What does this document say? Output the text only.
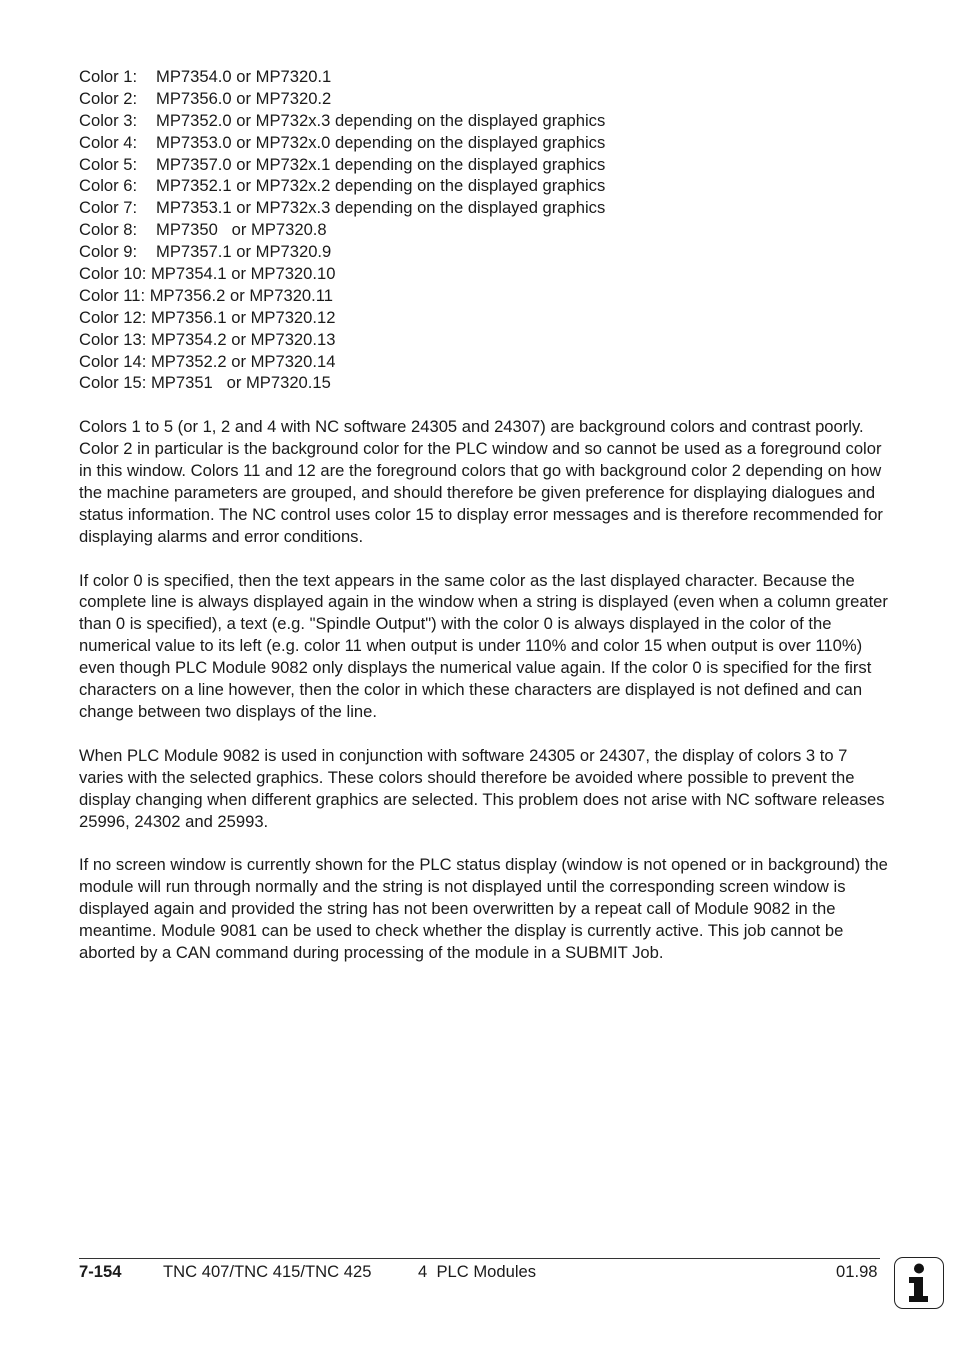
Color 1: MP7354.0 or MP7320.1
Color 2: MP7356.0 or MP7320.2
Color 3: MP7352.0 or MP732x.3 depending on the displayed graphics
Color 4: MP7353.0 or MP732x.0 depending on the displayed graphics
Color 5: MP7357.0 or MP732x.1 depending on the displayed graphics
Color 6: MP7352.1 or MP732x.2 depending on the displayed graphics
Color 7: MP7353.1 or MP732x.3 depending on the displayed graphics
Color 8: MP7350   or MP7320.8
Color 9: MP7357.1 or MP7320.9
Color 10: MP7354.1 or MP7320.10
Color 11: MP7356.2 or MP7320.11
Color 12: MP7356.1 or MP7320.12
Color 13: MP7354.2 or MP7320.13
Color 14: MP7352.2 or MP7320.14
Color 15: MP7351   or MP7320.15

Colors 1 to 5 (or 1, 2 and 4 with NC software 24305 and 24307) are background colors and contrast poorly. Color 2 in particular is the background color for the PLC window and so cannot be used as a foreground color in this window. Colors 11 and 12 are the foreground colors that go with background color 2 depending on how the machine parameters are grouped, and should therefore be given preference for displaying dialogues and status information. The NC control uses color 15 to display error messages and is therefore recommended for displaying alarms and error conditions.

If color 0 is specified, then the text appears in the same color as the last displayed character. Because the complete line is always displayed again in the window when a string is displayed (even when a column greater than 0 is specified), a text (e.g. "Spindle Output") with the color 0 is always displayed in the color of the numerical value to its left (e.g. color 11 when output is under 110% and color 15 when output is over 110%) even though PLC Module 9082 only displays the numerical value again. If the color 0 is specified for the first characters on a line however, then the color in which these characters are displayed is not defined and can change between two displays of the line.

When PLC Module 9082 is used in conjunction with software 24305 or 24307, the display of colors 3 to 7 varies with the selected graphics. These colors should therefore be avoided where possible to prevent the display changing when different graphics are selected. This problem does not arise with NC software releases 25996, 24302 and 25993.

If no screen window is currently shown for the PLC status display (window is not opened or in background) the module will run through normally and the string is not displayed until the corresponding screen window is displayed again and provided the string has not been overwritten by a repeat call of Module 9082 in the meantime. Module 9081 can be used to check whether the display is currently active. This job cannot be aborted by a CAN command during processing of the module in a SUBMIT Job.

7-154	TNC 407/TNC 415/TNC 425	4  PLC Modules	01.98
